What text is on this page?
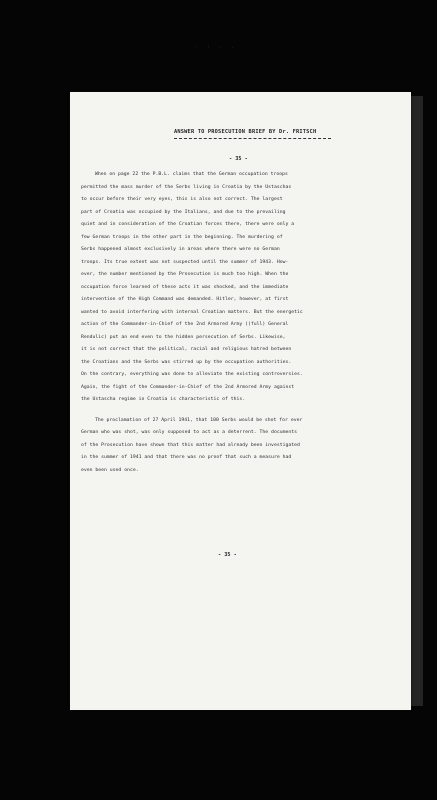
- : . .
ANSWER TO PROSECUTION BRIEF BY Dr. FRITSCH
- 35 -
When on page 22 the P.B.L. claims that the German occupation troops
permitted the mass murder of the Serbs living in Croatia by the Ustaschas
to occur before their very eyes, this is also not correct. The largest
part of Croatia was occupied by the Italians, and due to the prevailing
quiet and in consideration of the Croatian forces there, there were only a
few German troops in the other part in the beginning. The murdering of
Serbs happened almost exclusively in areas where there were no German
troops. Its true extent was not suspected until the summer of 1943. How-
ever, the number mentioned by the Prosecution is much too high. When the
occupation force learned of these acts it was shocked, and the immediate
intervention of the High Command was demanded. Hitler, however, at first
wanted to avoid interfering with internal Croatian matters. But the energetic
action of the Commander-in-Chief of the 2nd Armored Army ((full) General
Rendulic) put an end even to the hidden persecution of Serbs. Likewise,
it is not correct that the political, racial and religious hatred between
the Croatians and the Serbs was stirred up by the occupation authorities.
On the contrary, everything was done to alleviate the existing controversies.
Again, the fight of the Commander-in-Chief of the 2nd Armored Army against
the Ustascha regime in Croatia is characteristic of this.
The proclamation of 27 April 1941, that 100 Serbs would be shot for ever
German who was shot, was only supposed to act as a deterrent. The documents
of the Prosecution have shown that this matter had already been investigated
in the summer of 1941 and that there was no proof that such a measure had
even been used once.
- 35 -
